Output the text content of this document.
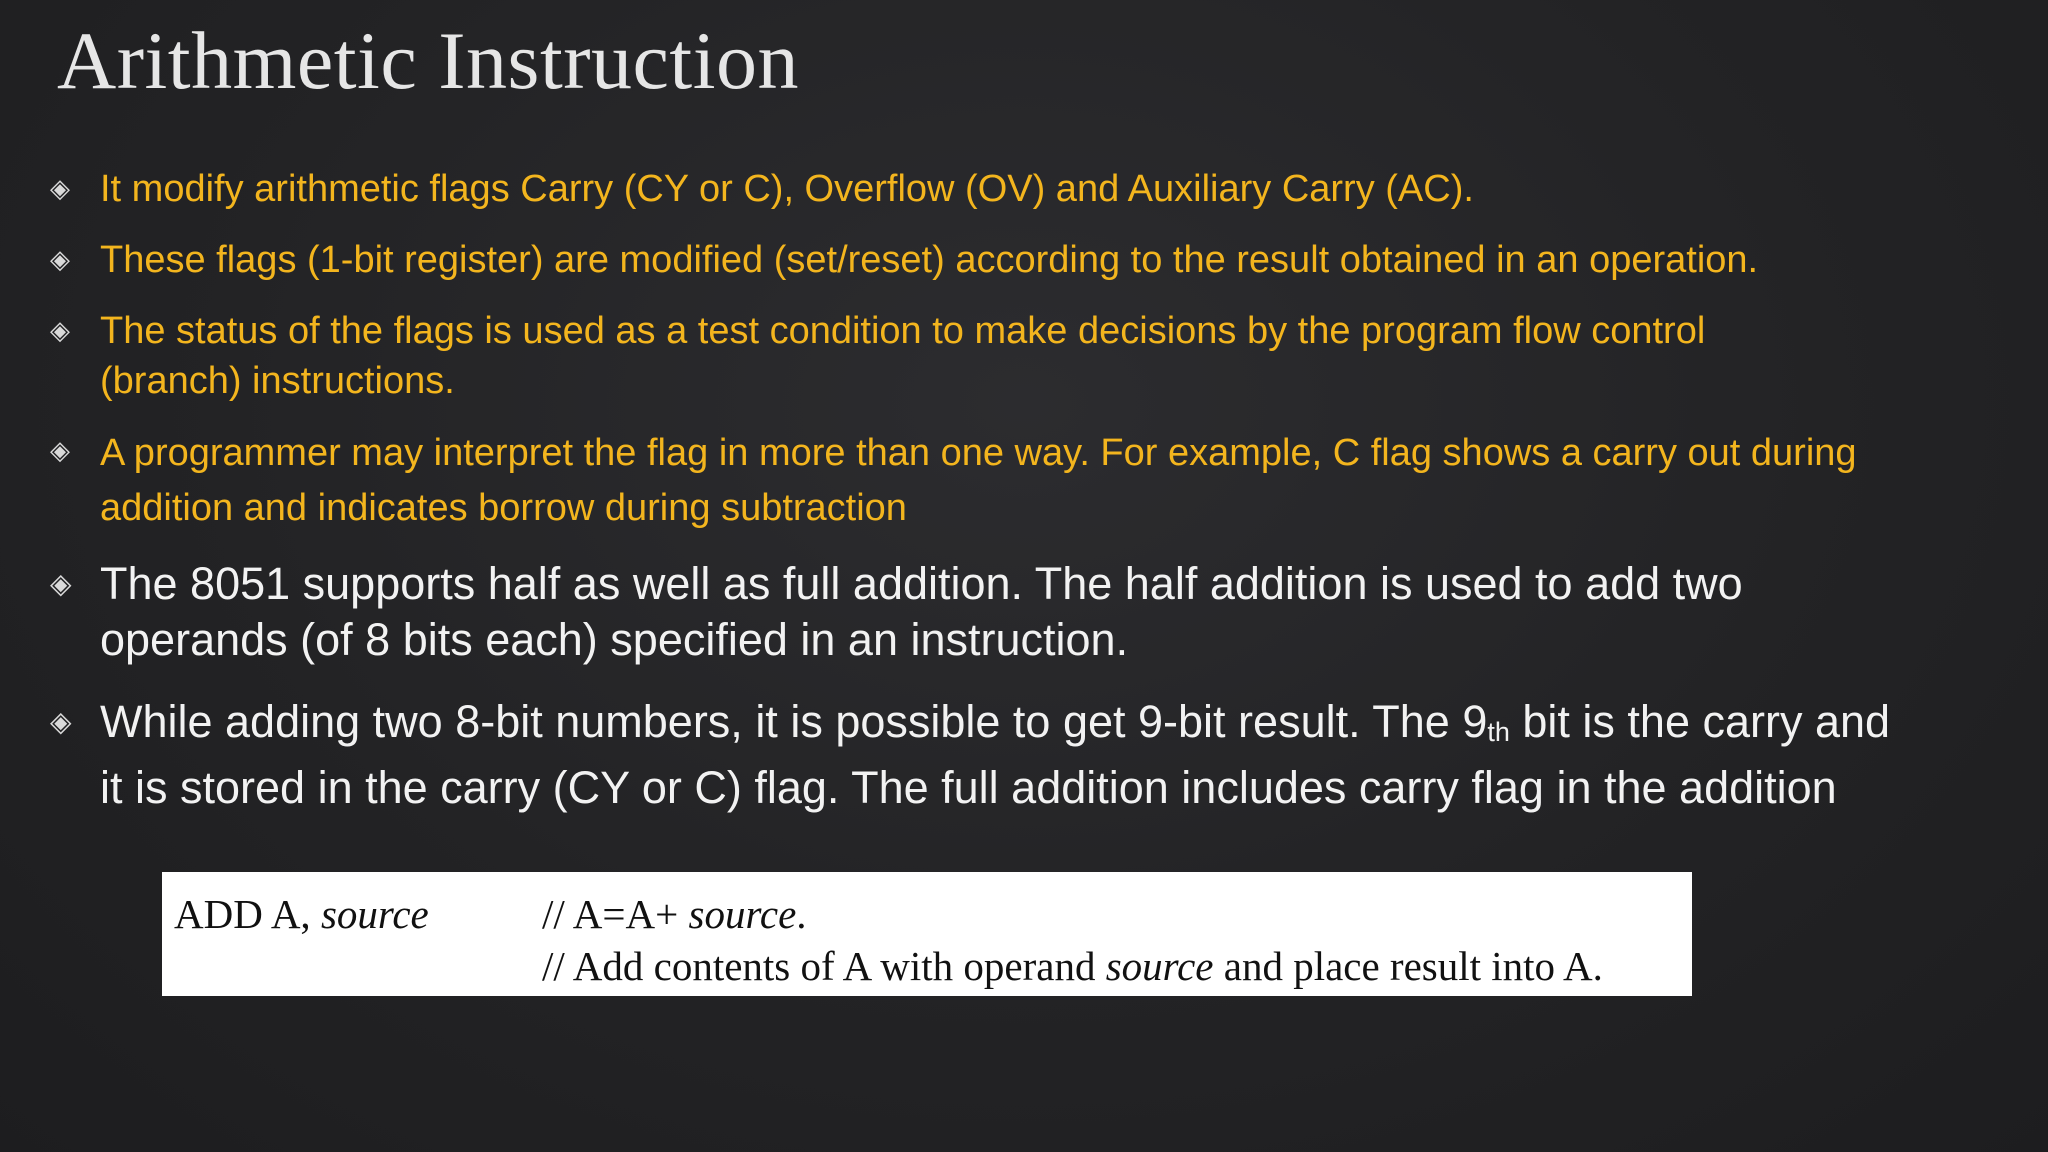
Arithmetic Instruction
◈ It modify arithmetic flags Carry (CY or C), Overflow (OV) and Auxiliary Carry (AC).
◈ These flags (1-bit register) are modified (set/reset) according to the result obtained in an operation.
◈ The status of the flags is used as a test condition to make decisions by the program flow control (branch) instructions.
◈ A programmer may interpret the flag in more than one way. For example, C flag shows a carry out during addition and indicates borrow during subtraction
◈ The 8051 supports half as well as full addition. The half addition is used to add two operands (of 8 bits each) specified in an instruction.
◈ While adding two 8-bit numbers, it is possible to get 9-bit result. The 9th bit is the carry and it is stored in the carry (CY or C) flag. The full addition includes carry flag in the addition
ADD A, source	// A=A+ source.
// Add contents of A with operand source and place result into A.
